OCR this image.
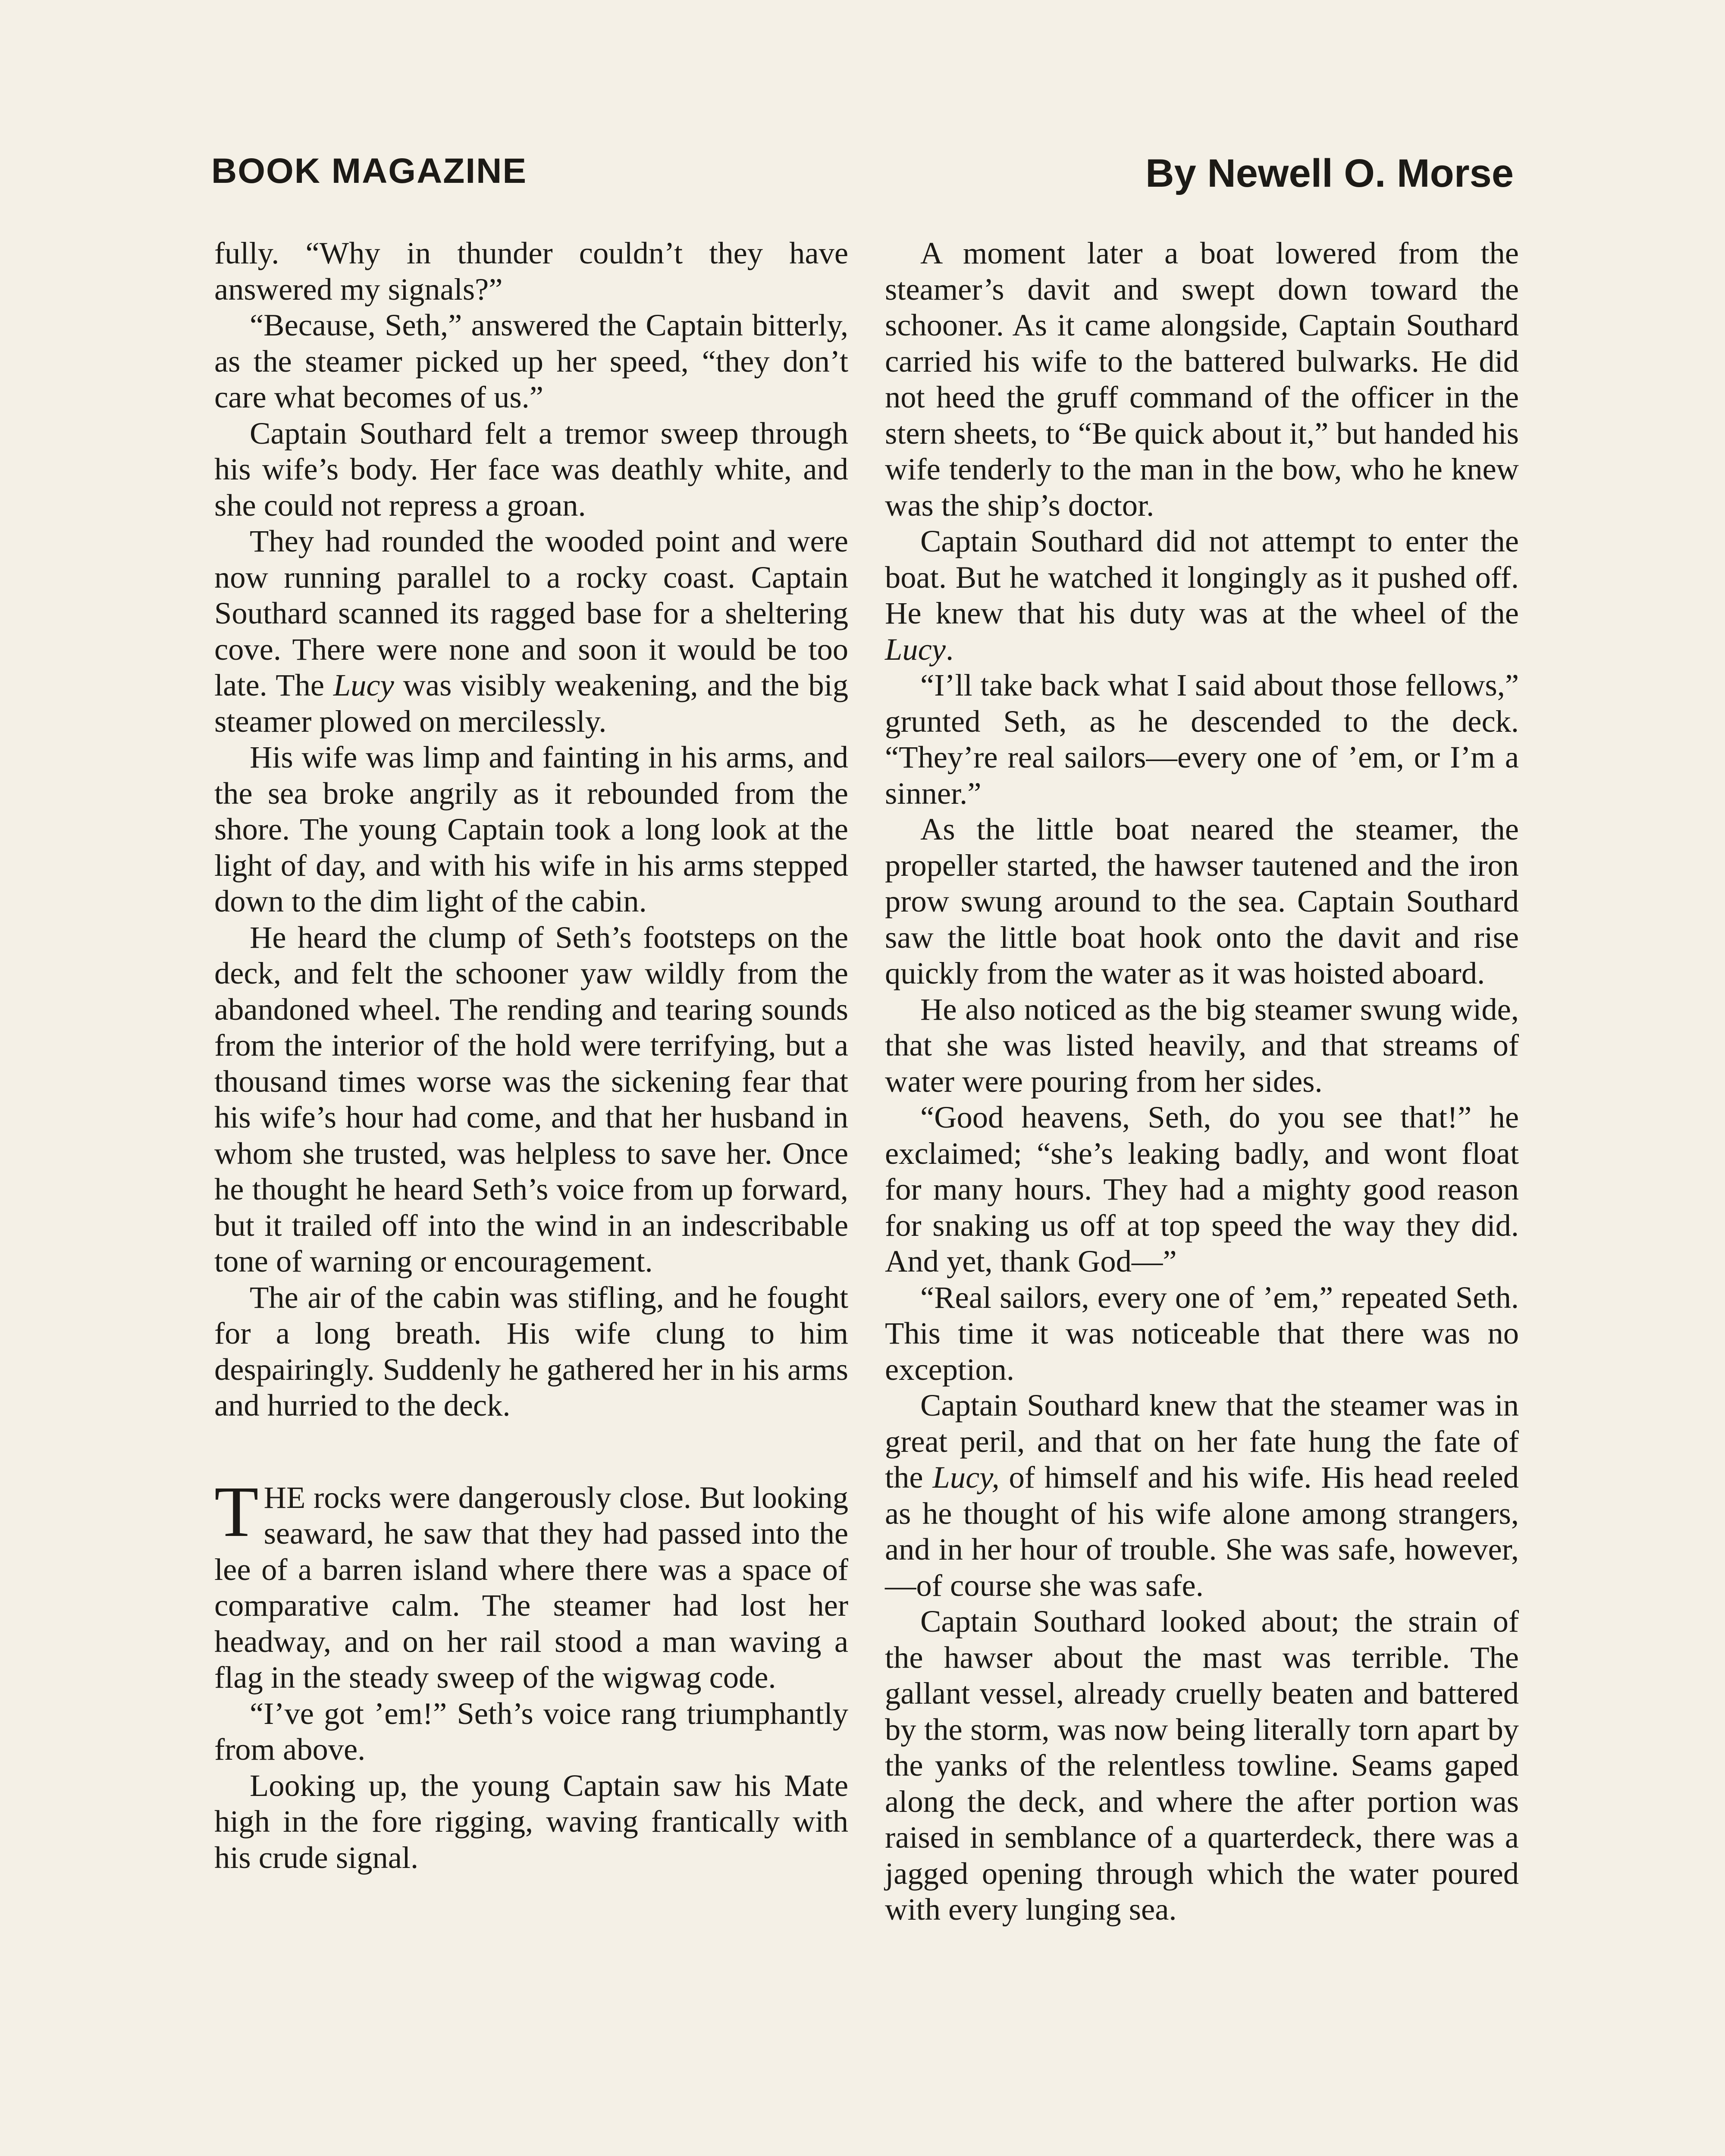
BOOK MAGAZINE	By Newell O. Morse

fully. “Why in thunder couldn’t they have answered my signals?”

“Because, Seth,” answered the Captain bitterly, as the steamer picked up her speed, “they don’t care what becomes of us.”

Captain Southard felt a tremor sweep through his wife’s body. Her face was deathly white, and she could not repress a groan.

They had rounded the wooded point and were now running parallel to a rocky coast. Captain Southard scanned its ragged base for a sheltering cove. There were none and soon it would be too late. The Lucy was visibly weakening, and the big steamer plowed on mercilessly.

His wife was limp and fainting in his arms, and the sea broke angrily as it rebounded from the shore. The young Captain took a long look at the light of day, and with his wife in his arms stepped down to the dim light of the cabin.

He heard the clump of Seth’s footsteps on the deck, and felt the schooner yaw wildly from the abandoned wheel. The rending and tearing sounds from the interior of the hold were terrifying, but a thousand times worse was the sickening fear that his wife’s hour had come, and that her husband in whom she trusted, was helpless to save her. Once he thought he heard Seth’s voice from up forward, but it trailed off into the wind in an indescribable tone of warning or encouragement.

The air of the cabin was stifling, and he fought for a long breath. His wife clung to him despairingly. Suddenly he gathered her in his arms and hurried to the deck.

THE rocks were dangerously close. But looking seaward, he saw that they had passed into the lee of a barren island where there was a space of comparative calm. The steamer had lost her headway, and on her rail stood a man waving a flag in the steady sweep of the wigwag code.

“I’ve got ’em!” Seth’s voice rang triumphantly from above.

Looking up, the young Captain saw his Mate high in the fore rigging, waving frantically with his crude signal.

A moment later a boat lowered from the steamer’s davit and swept down toward the schooner. As it came alongside, Captain Southard carried his wife to the battered bulwarks. He did not heed the gruff command of the officer in the stern sheets, to “Be quick about it,” but handed his wife tenderly to the man in the bow, who he knew was the ship’s doctor.

Captain Southard did not attempt to enter the boat. But he watched it longingly as it pushed off. He knew that his duty was at the wheel of the Lucy.

“I’ll take back what I said about those fellows,” grunted Seth, as he descended to the deck. “They’re real sailors—every one of ’em, or I’m a sinner.”

As the little boat neared the steamer, the propeller started, the hawser tautened and the iron prow swung around to the sea. Captain Southard saw the little boat hook onto the davit and rise quickly from the water as it was hoisted aboard.

He also noticed as the big steamer swung wide, that she was listed heavily, and that streams of water were pouring from her sides.

“Good heavens, Seth, do you see that!” he exclaimed; “she’s leaking badly, and wont float for many hours. They had a mighty good reason for snaking us off at top speed the way they did. And yet, thank God—”

“Real sailors, every one of ’em,” repeated Seth. This time it was noticeable that there was no exception.

Captain Southard knew that the steamer was in great peril, and that on her fate hung the fate of the Lucy, of himself and his wife. His head reeled as he thought of his wife alone among strangers, and in her hour of trouble. She was safe, however,—of course she was safe.

Captain Southard looked about; the strain of the hawser about the mast was terrible. The gallant vessel, already cruelly beaten and battered by the storm, was now being literally torn apart by the yanks of the relentless towline. Seams gaped along the deck, and where the after portion was raised in semblance of a quarterdeck, there was a jagged opening through which the water poured with every lunging sea.
